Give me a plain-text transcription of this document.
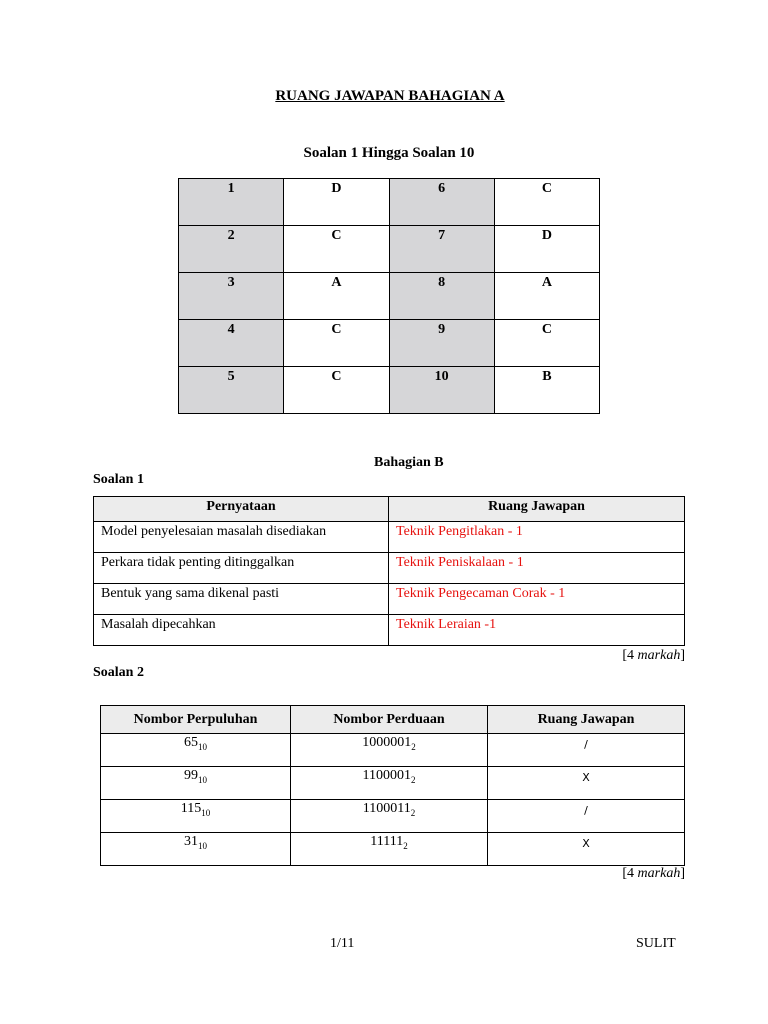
RUANG JAWAPAN BAHAGIAN A
Soalan 1 Hingga Soalan 10
1	D	6	C
2	C	7	D
3	A	8	A
4	C	9	C
5	C	10	B
Bahagian B
Soalan 1
Pernyataan	Ruang Jawapan
Model penyelesaian masalah disediakan	Teknik Pengitlakan - 1
Perkara tidak penting ditinggalkan	Teknik Peniskalaan - 1
Bentuk yang sama dikenal pasti	Teknik Pengecaman Corak - 1
Masalah dipecahkan	Teknik Leraian -1
[4 markah]
Soalan 2
Nombor Perpuluhan	Nombor Perduaan	Ruang Jawapan
$65_{10}$	$1000001_2$	/
$99_{10}$	$1100001_2$	X
$115_{10}$	$1100011_2$	/
$31_{10}$	$11111_2$	X
[4 markah]
1/11	SULIT
